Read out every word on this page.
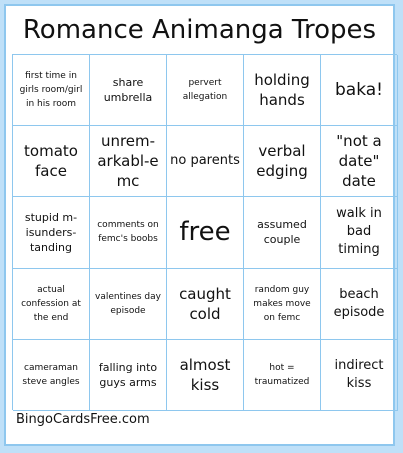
Romance Animanga Tropes
first time in girls room/girl in his room
share umbrella
pervert allegation
holding hands	baka!
tomato face
unrem-arkabl-e mc
no parents
verbal edging
"not a date" date
stupid m-isunders-tanding
comments on femc's boobs free	assumed couple
walk in bad timing
actual confession at the end
valentines day episode
caught cold
random guy makes move on femc
beach episode
cameraman steve angles
falling into guys arms
almost kiss
hot = traumatized
indirect kiss
BingoCardsFree.com
